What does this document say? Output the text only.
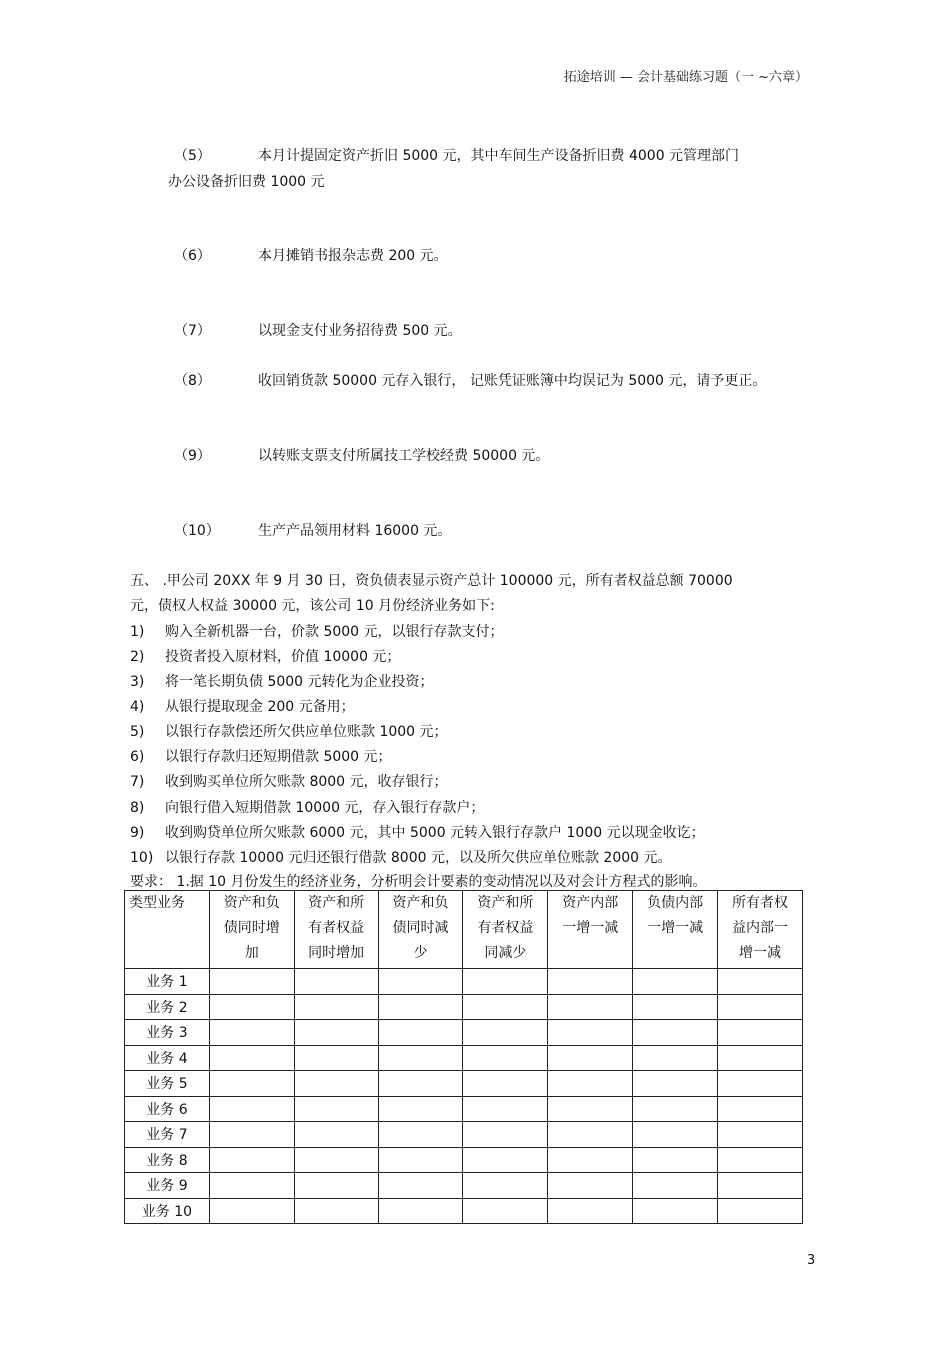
拓途培训 — 会计基础练习题（一 ~六章）
（5）	本月计提固定资产折旧 5000 元，其中车间生产设备折旧费 4000 元管理部门
办公设备折旧费 1000 元
（6）	本月摊销书报杂志费 200 元。
（7）	以现金支付业务招待费 500 元。
（8）	收回销货款 50000 元存入银行， 记账凭证账簿中均误记为 5000 元，请予更正。
（9）	以转账支票支付所属技工学校经费 50000 元。
（10）	生产产品领用材料 16000 元。
五、 .甲公司 20XX 年 9 月 30 日，资负债表显示资产总计 100000 元，所有者权益总额 70000
元，债权人权益 30000 元，该公司 10 月份经济业务如下:
1) 购入全新机器一台，价款 5000 元，以银行存款支付；
2) 投资者投入原材料，价值 10000 元；
3) 将一笔长期负债 5000 元转化为企业投资；
4) 从银行提取现金 200 元备用；
5) 以银行存款偿还所欠供应单位账款 1000 元；
6) 以银行存款归还短期借款 5000 元；
7) 收到购买单位所欠账款 8000 元，收存银行；
8) 向银行借入短期借款 10000 元，存入银行存款户；
9) 收到购贷单位所欠账款 6000 元，其中 5000 元转入银行存款户 1000 元以现金收讫；
10) 以银行存款 10000 元归还银行借款 8000 元，以及所欠供应单位账款 2000 元。
要求： 1.据 10 月份发生的经济业务，分析明会计要素的变动情况以及对会计方程式的影响。
类型业务	资产和负
债同时增
加	资产和所
有者权益
同时增加	资产和负
债同时减
少	资产和所
有者权益
同减少	资产内部
一增一减	负债内部
一增一减	所有者权
益内部一
增一减

业务 1							
业务 2							
业务 3							
业务 4							
业务 5							
业务 6							
业务 7							
业务 8							
业务 9							
业务 10							
3
